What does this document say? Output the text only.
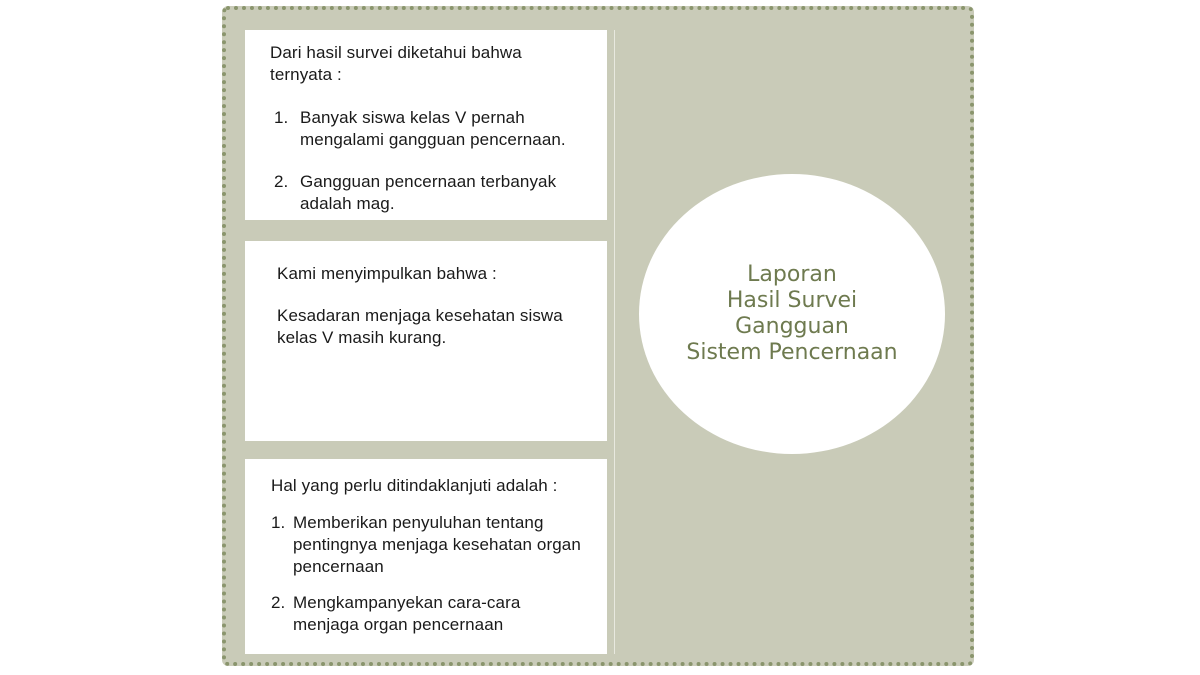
Dari hasil survei diketahui bahwa ternyata :

1. Banyak siswa kelas V pernah mengalami gangguan pencernaan.
2. Gangguan pencernaan terbanyak adalah mag.

Kami menyimpulkan bahwa :

Kesadaran menjaga kesehatan siswa kelas V masih kurang.

Hal yang perlu ditindaklanjuti adalah :

1. Memberikan penyuluhan tentang pentingnya menjaga kesehatan organ pencernaan
2. Mengkampanyekan cara-cara menjaga organ pencernaan
Laporan
Hasil Survei
Gangguan
Sistem Pencernaan
